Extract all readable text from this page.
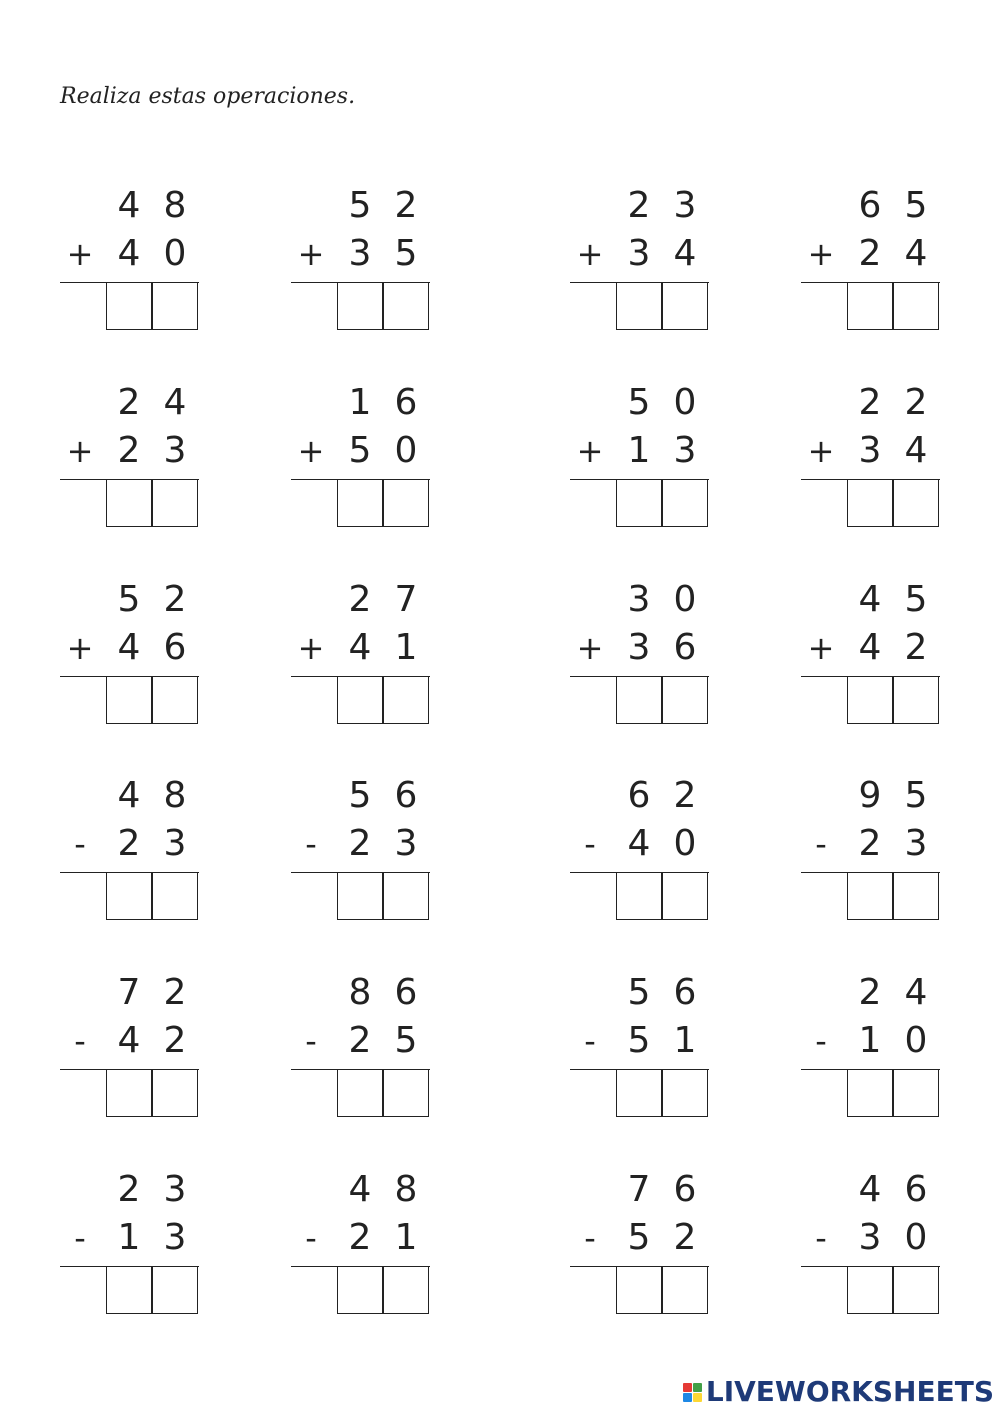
Realiza estas operaciones.
4 8
+ 4 0
5 2
+ 3 5
2 3
+ 3 4
6 5
+ 2 4
2 4
+ 2 3
1 6
+ 5 0
5 0
+ 1 3
2 2
+ 3 4
5 2
+ 4 6
2 7
+ 4 1
3 0
+ 3 6
4 5
+ 4 2
4 8
- 2 3
5 6
- 2 3
6 2
- 4 0
9 5
- 2 3
7 2
- 4 2
8 6
- 2 5
5 6
- 5 1
2 4
- 1 0
2 3
- 1 3
4 8
- 2 1
7 6
- 5 2
4 6
- 3 0
LIVEWORKSHEETS
